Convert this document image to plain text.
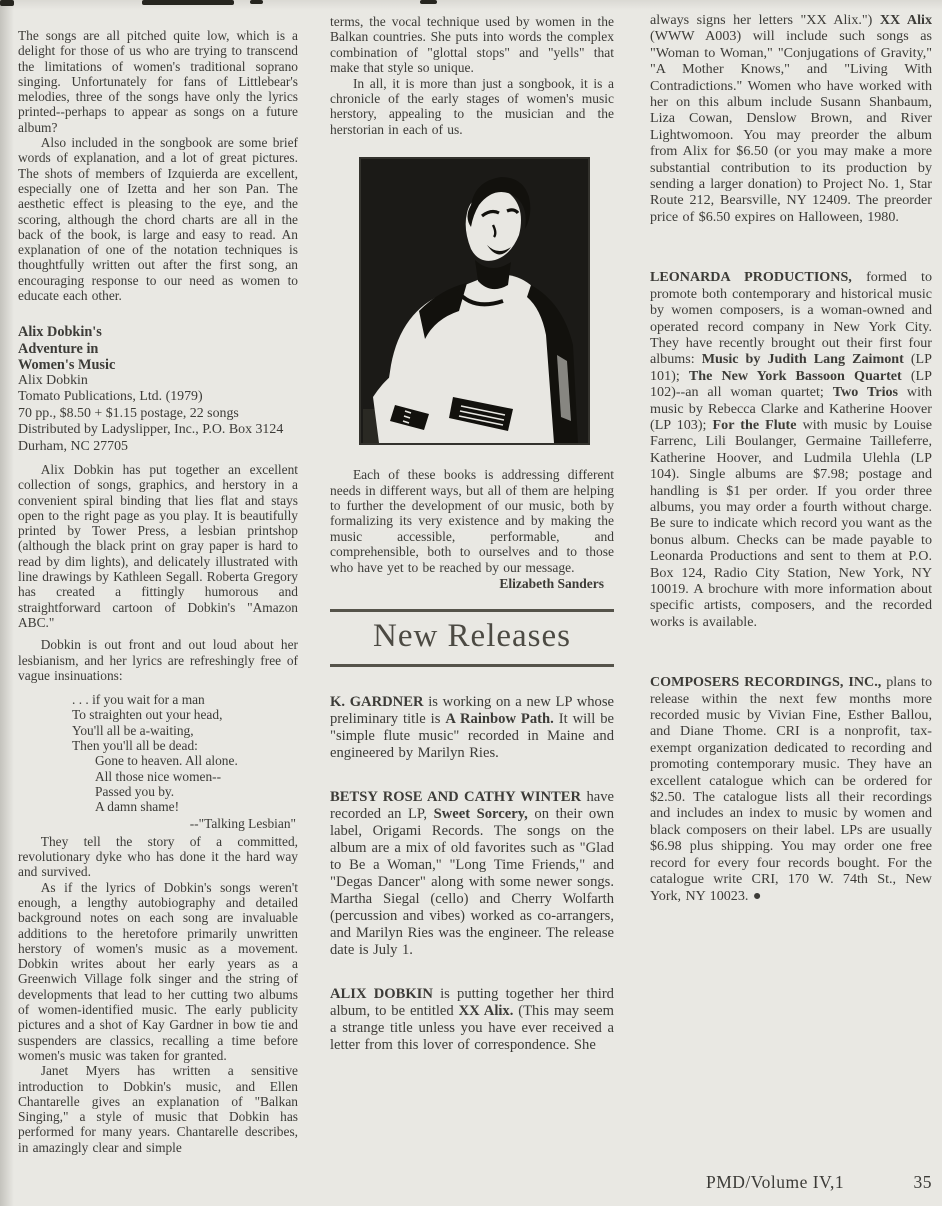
The songs are all pitched quite low, which is a delight for those of us who are trying to transcend the limitations of women's traditional soprano singing. Unfortunately for fans of Littlebear's melodies, three of the songs have only the lyrics printed--perhaps to appear as songs on a future album?

Also included in the songbook are some brief words of explanation, and a lot of great pictures. The shots of members of Izquierda are excellent, especially one of Izetta and her son Pan. The aesthetic effect is pleasing to the eye, and the scoring, although the chord charts are all in the back of the book, is large and easy to read. An explanation of one of the notation techniques is thoughtfully written out after the first song, an encouraging response to our need as women to educate each other.

Alix Dobkin's
Adventure in
Women's Music
Alix Dobkin
Tomato Publications, Ltd. (1979)
70 pp., $8.50 + $1.15 postage, 22 songs
Distributed by Ladyslipper, Inc., P.O. Box 3124
Durham, NC 27705

Alix Dobkin has put together an excellent collection of songs, graphics, and herstory in a convenient spiral binding that lies flat and stays open to the right page as you play. It is beautifully printed by Tower Press, a lesbian printshop (although the black print on gray paper is hard to read by dim lights), and delicately illustrated with line drawings by Kathleen Segall. Roberta Gregory has created a fittingly humorous and straightforward cartoon of Dobkin's "Amazon ABC."

Dobkin is out front and out loud about her lesbianism, and her lyrics are refreshingly free of vague insinuations:

. . . if you wait for a man
To straighten out your head,
You'll all be a-waiting,
Then you'll all be dead:
Gone to heaven. All alone.
All those nice women--
Passed you by.
A damn shame!
--"Talking Lesbian"

They tell the story of a committed, revolutionary dyke who has done it the hard way and survived.

As if the lyrics of Dobkin's songs weren't enough, a lengthy autobiography and detailed background notes on each song are invaluable additions to the heretofore primarily unwritten herstory of women's music as a movement. Dobkin writes about her early years as a Greenwich Village folk singer and the string of developments that lead to her cutting two albums of women-identified music. The early publicity pictures and a shot of Kay Gardner in bow tie and suspenders are classics, recalling a time before women's music was taken for granted.

Janet Myers has written a sensitive introduction to Dobkin's music, and Ellen Chantarelle gives an explanation of "Balkan Singing," a style of music that Dobkin has performed for many years. Chantarelle describes, in amazingly clear and simple

terms, the vocal technique used by women in the Balkan countries. She puts into words the complex combination of "glottal stops" and "yells" that make that style so unique.

In all, it is more than just a songbook, it is a chronicle of the early stages of women's music herstory, appealing to the musician and the herstorian in each of us.

Each of these books is addressing different needs in different ways, but all of them are helping to further the development of our music, both by formalizing its very existence and by making the music accessible, performable, and comprehensible, both to ourselves and to those who have yet to be reached by our message.

Elizabeth Sanders
New Releases

K. GARDNER is working on a new LP whose preliminary title is A Rainbow Path. It will be "simple flute music" recorded in Maine and engineered by Marilyn Ries.

BETSY ROSE AND CATHY WINTER have recorded an LP, Sweet Sorcery, on their own label, Origami Records. The songs on the album are a mix of old favorites such as "Glad to Be a Woman," "Long Time Friends," and "Degas Dancer" along with some newer songs. Martha Siegal (cello) and Cherry Wolfarth (percussion and vibes) worked as co-arrangers, and Marilyn Ries was the engineer. The release date is July 1.

ALIX DOBKIN is putting together her third album, to be entitled XX Alix. (This may seem a strange title unless you have ever received a letter from this lover of correspondence. She

always signs her letters "XX Alix.") XX Alix (WWW A003) will include such songs as "Woman to Woman," "Conjugations of Gravity," "A Mother Knows," and "Living With Contradictions." Women who have worked with her on this album include Susann Shanbaum, Liza Cowan, Denslow Brown, and River Lightwomoon. You may preorder the album from Alix for $6.50 (or you may make a more substantial contribution to its production by sending a larger donation) to Project No. 1, Star Route 212, Bearsville, NY 12409. The preorder price of $6.50 expires on Halloween, 1980.

LEONARDA PRODUCTIONS, formed to promote both contemporary and historical music by women composers, is a woman-owned and operated record company in New York City. They have recently brought out their first four albums: Music by Judith Lang Zaimont (LP 101); The New York Bassoon Quartet (LP 102)--an all woman quartet; Two Trios with music by Rebecca Clarke and Katherine Hoover (LP 103); For the Flute with music by Louise Farrenc, Lili Boulanger, Germaine Tailleferre, Katherine Hoover, and Ludmila Ulehla (LP 104). Single albums are $7.98; postage and handling is $1 per order. If you order three albums, you may order a fourth without charge. Be sure to indicate which record you want as the bonus album. Checks can be made payable to Leonarda Productions and sent to them at P.O. Box 124, Radio City Station, New York, NY 10019. A brochure with more information about specific artists, composers, and the recorded works is available.

COMPOSERS RECORDINGS, INC., plans to release within the next few months more recorded music by Vivian Fine, Esther Ballou, and Diane Thome. CRI is a nonprofit, tax-exempt organization dedicated to recording and promoting contemporary music. They have an excellent catalogue which can be ordered for $2.50. The catalogue lists all their recordings and includes an index to music by women and black composers on their label. LPs are usually $6.98 plus shipping. You may order one free record for every four records bought. For the catalogue write CRI, 170 W. 74th St., New York, NY 10023. ●

PMD/Volume IV,1	35
